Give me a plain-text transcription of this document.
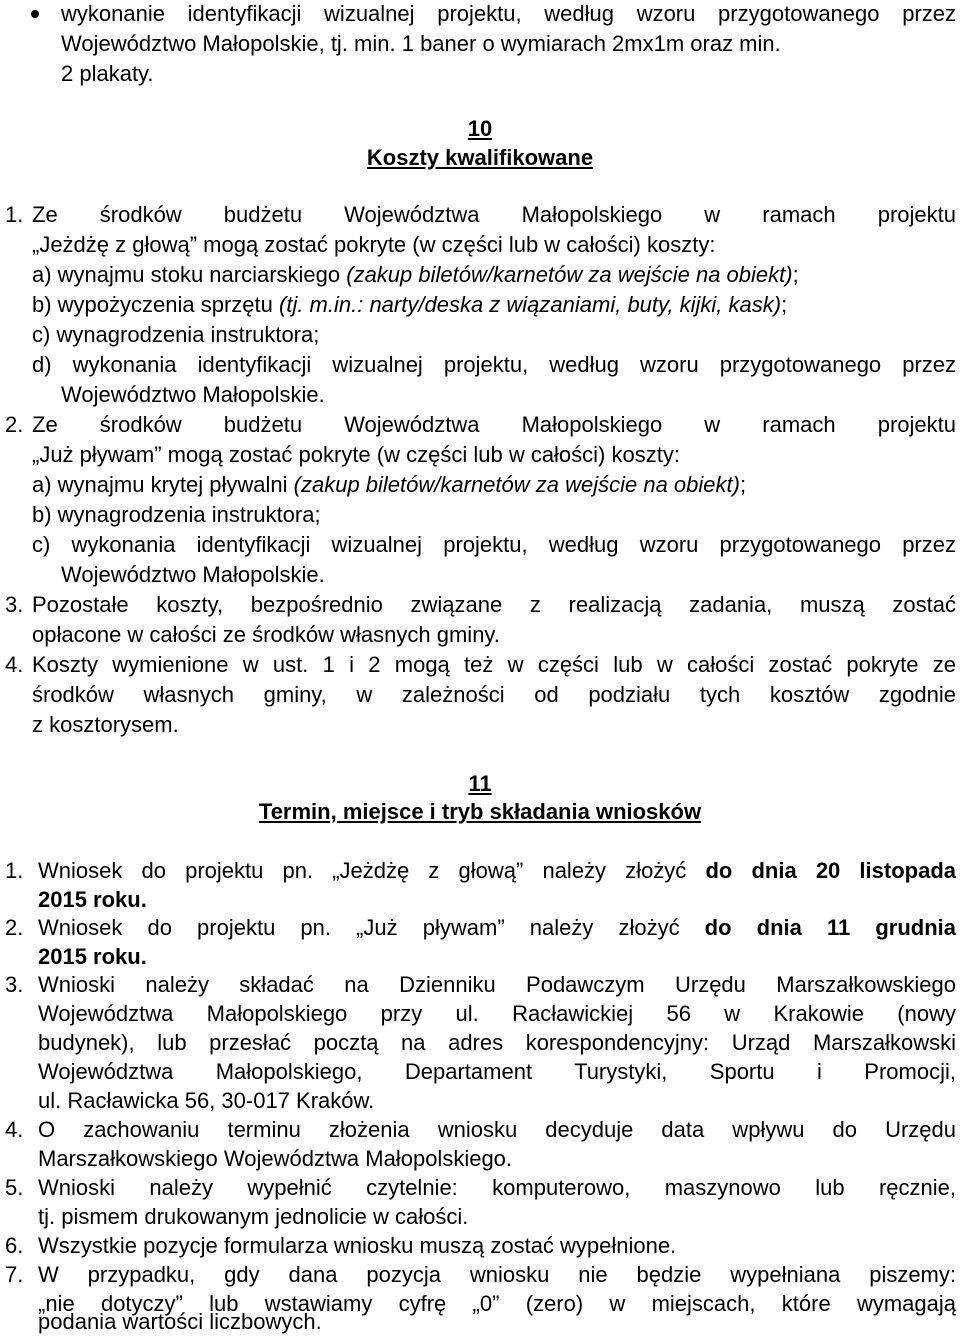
wykonanie identyfikacji wizualnej projektu, według wzoru przygotowanego przez
Województwo Małopolskie, tj. min. 1 baner o wymiarach 2mx1m oraz min.
2 plakaty.
10
Koszty kwalifikowane
1. Ze środków budżetu Województwa Małopolskiego w ramach projektu
„Jeżdżę z głową” mogą zostać pokryte (w części lub w całości) koszty:
a) wynajmu stoku narciarskiego (zakup biletów/karnetów za wejście na obiekt);
b) wypożyczenia sprzętu (tj. m.in.: narty/deska z wiązaniami, buty, kijki, kask);
c) wynagrodzenia instruktora;
d) wykonania identyfikacji wizualnej projektu, według wzoru przygotowanego przez
Województwo Małopolskie.
2. Ze środków budżetu Województwa Małopolskiego w ramach projektu
„Już pływam” mogą zostać pokryte (w części lub w całości) koszty:
a) wynajmu krytej pływalni (zakup biletów/karnetów za wejście na obiekt);
b) wynagrodzenia instruktora;
c) wykonania identyfikacji wizualnej projektu, według wzoru przygotowanego przez
Województwo Małopolskie.
3. Pozostałe koszty, bezpośrednio związane z realizacją zadania, muszą zostać
opłacone w całości ze środków własnych gminy.
4. Koszty wymienione w ust. 1 i 2 mogą też w części lub w całości zostać pokryte ze
środków własnych gminy, w zależności od podziału tych kosztów zgodnie
z kosztorysem.
11
Termin, miejsce i tryb składania wniosków
1. Wniosek do projektu pn. „Jeżdżę z głową” należy złożyć do dnia 20 listopada
2015 roku.
2. Wniosek do projektu pn. „Już pływam” należy złożyć do dnia 11 grudnia
2015 roku.
3. Wnioski należy składać na Dzienniku Podawczym Urzędu Marszałkowskiego
Województwa Małopolskiego przy ul. Racławickiej 56 w Krakowie (nowy
budynek), lub przesłać pocztą na adres korespondencyjny: Urząd Marszałkowski
Województwa Małopolskiego, Departament Turystyki, Sportu i Promocji,
ul. Racławicka 56, 30-017 Kraków.
4. O zachowaniu terminu złożenia wniosku decyduje data wpływu do Urzędu
Marszałkowskiego Województwa Małopolskiego.
5. Wnioski należy wypełnić czytelnie: komputerowo, maszynowo lub ręcznie,
tj. pismem drukowanym jednolicie w całości.
6. Wszystkie pozycje formularza wniosku muszą zostać wypełnione.
7. W przypadku, gdy dana pozycja wniosku nie będzie wypełniana piszemy:
„nie dotyczy” lub wstawiamy cyfrę „0” (zero) w miejscach, które wymagają
podania wartości liczbowych.
